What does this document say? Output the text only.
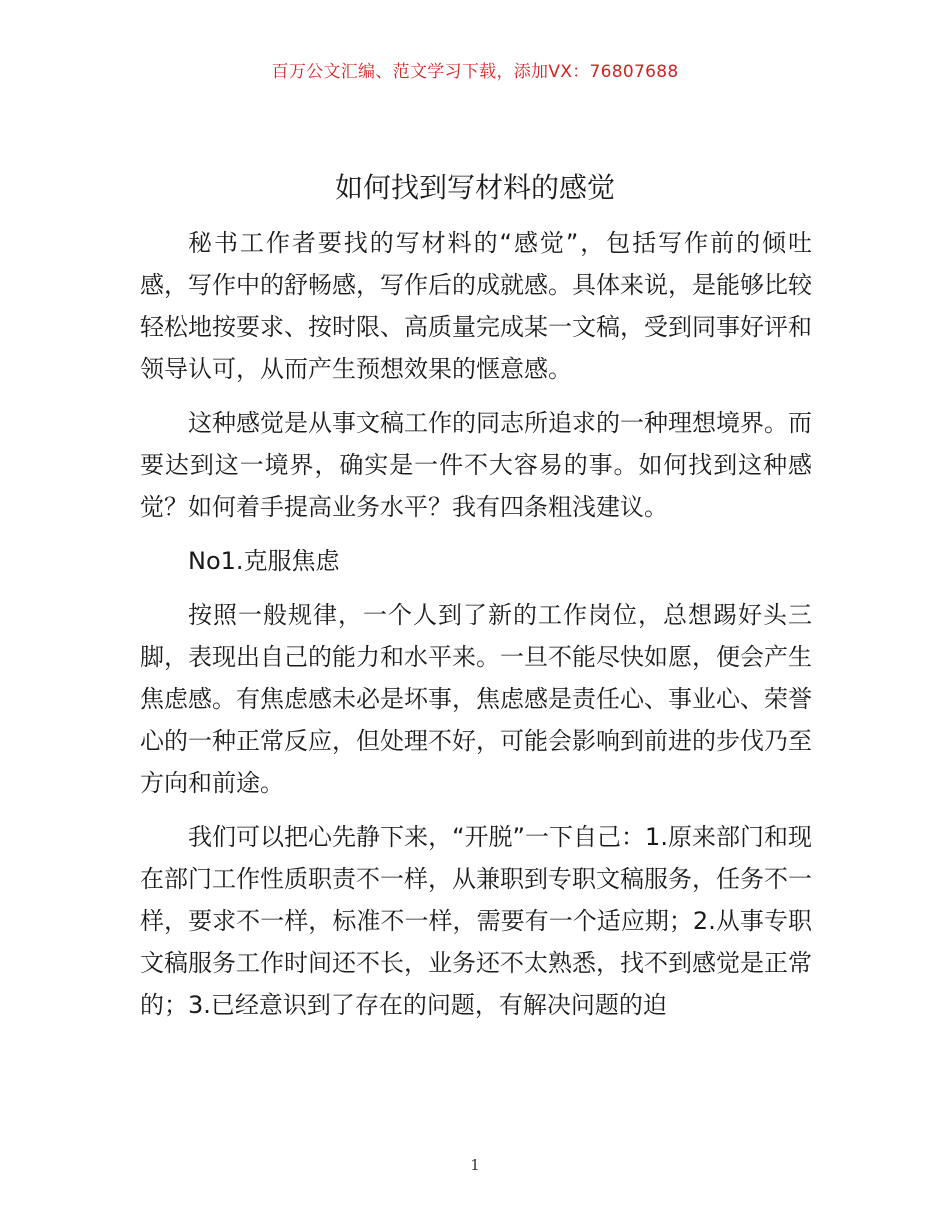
百万公文汇编、范文学习下载，添加VX：76807688
如何找到写材料的感觉

秘书工作者要找的写材料的“感觉”，包括写作前的倾吐感，写作中的舒畅感，写作后的成就感。具体来说，是能够比较轻松地按要求、按时限、高质量完成某一文稿，受到同事好评和领导认可，从而产生预想效果的惬意感。

这种感觉是从事文稿工作的同志所追求的一种理想境界。而要达到这一境界，确实是一件不大容易的事。如何找到这种感觉？如何着手提高业务水平？我有四条粗浅建议。

No1.克服焦虑

按照一般规律，一个人到了新的工作岗位，总想踢好头三脚，表现出自己的能力和水平来。一旦不能尽快如愿，便会产生焦虑感。有焦虑感未必是坏事，焦虑感是责任心、事业心、荣誉心的一种正常反应，但处理不好，可能会影响到前进的步伐乃至方向和前途。

我们可以把心先静下来，“开脱”一下自己：1.原来部门和现在部门工作性质职责不一样，从兼职到专职文稿服务，任务不一样，要求不一样，标准不一样，需要有一个适应期；2.从事专职文稿服务工作时间还不长，业务还不太熟悉，找不到感觉是正常的；3.已经意识到了存在的问题，有解决问题的迫

1
